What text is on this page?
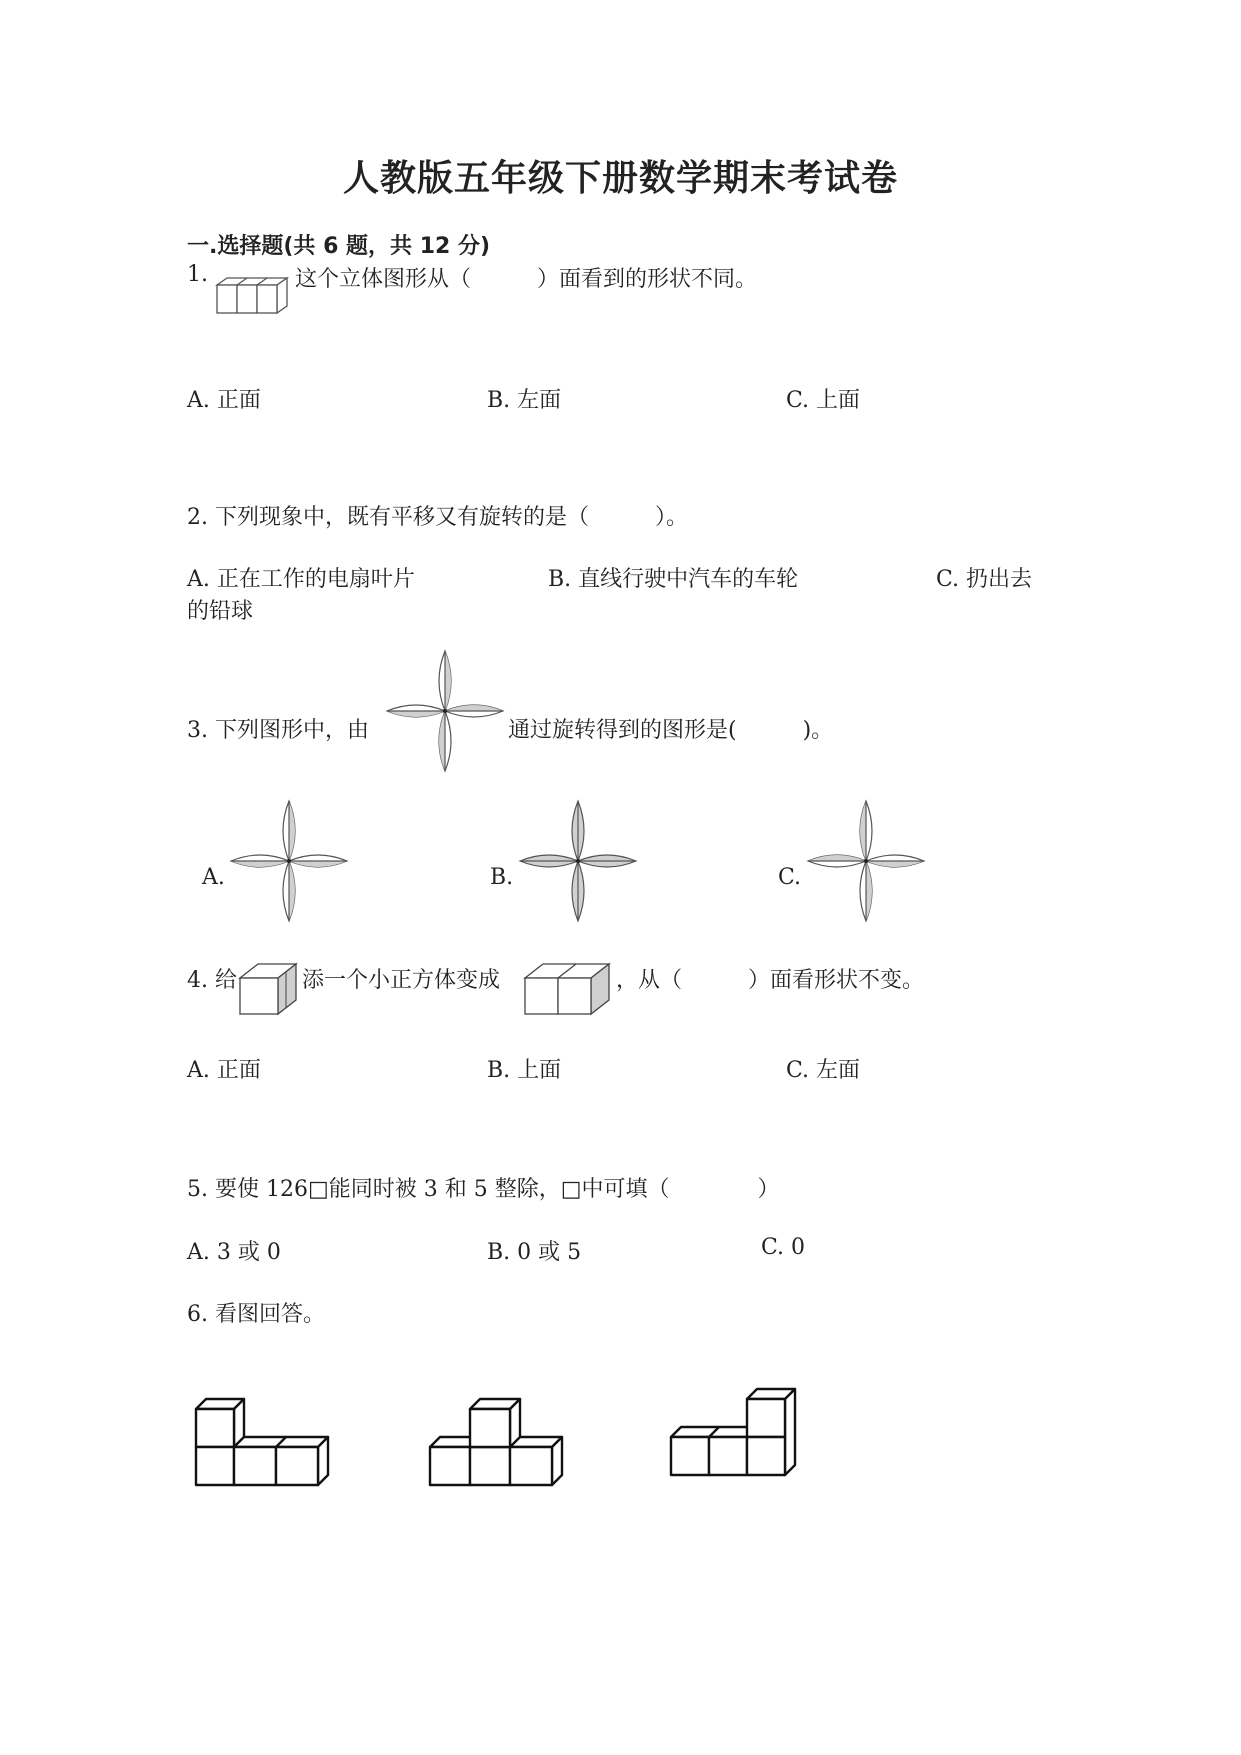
人教版五年级下册数学期末考试卷
一.选择题(共 6 题，共 12 分)
1.	这个立体图形从（　　　）面看到的形状不同。
A. 正面	B. 左面	C. 上面
2. 下列现象中，既有平移又有旋转的是（　　　）。
A. 正在工作的电扇叶片	B. 直线行驶中汽车的车轮	C. 扔出去
的铅球
3. 下列图形中，由	通过旋转得到的图形是(　　　)。
A.	B.	C.
4. 给	添一个小正方体变成	，从（　　　）面看形状不变。
A. 正面	B. 上面	C. 左面
5. 要使 126□能同时被 3 和 5 整除，□中可填（　　　　）
A. 3 或 0	B. 0 或 5	C. 0
6. 看图回答。
